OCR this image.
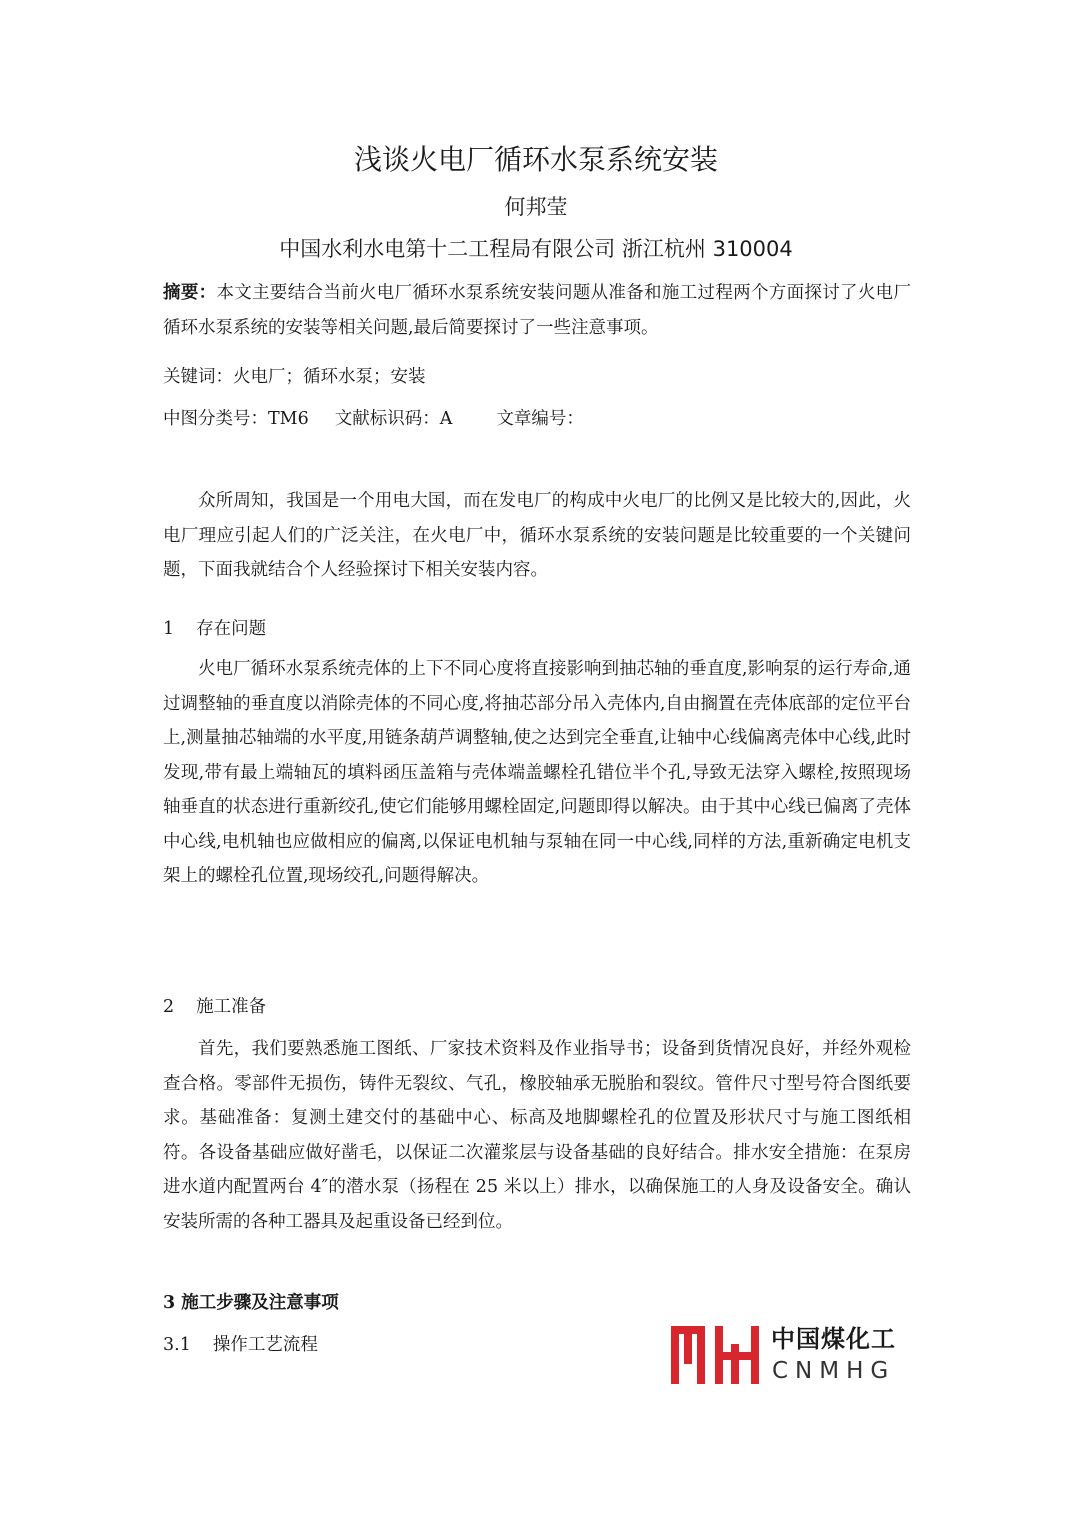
浅谈火电厂循环水泵系统安装
何邦莹
中国水利水电第十二工程局有限公司 浙江杭州 310004
摘要：本文主要结合当前火电厂循环水泵系统安装问题从准备和施工过程两个方面探讨了火电厂循环水泵系统的安装等相关问题,最后简要探讨了一些注意事项。
关键词：火电厂；循环水泵；安装
中图分类号：TM6 文献标识码：A	文章编号：
众所周知，我国是一个用电大国，而在发电厂的构成中火电厂的比例又是比较大的,因此，火电厂理应引起人们的广泛关注，在火电厂中，循环水泵系统的安装问题是比较重要的一个关键问题，下面我就结合个人经验探讨下相关安装内容。
1 存在问题
火电厂循环水泵系统壳体的上下不同心度将直接影响到抽芯轴的垂直度,影响泵的运行寿命,通过调整轴的垂直度以消除壳体的不同心度,将抽芯部分吊入壳体内,自由搁置在壳体底部的定位平台上,测量抽芯轴端的水平度,用链条葫芦调整轴,使之达到完全垂直,让轴中心线偏离壳体中心线,此时发现,带有最上端轴瓦的填料函压盖箱与壳体端盖螺栓孔错位半个孔,导致无法穿入螺栓,按照现场轴垂直的状态进行重新绞孔,使它们能够用螺栓固定,问题即得以解决。由于其中心线已偏离了壳体中心线,电机轴也应做相应的偏离,以保证电机轴与泵轴在同一中心线,同样的方法,重新确定电机支架上的螺栓孔位置,现场绞孔,问题得解决。
2 施工准备
首先，我们要熟悉施工图纸、厂家技术资料及作业指导书；设备到货情况良好，并经外观检查合格。零部件无损伤，铸件无裂纹、气孔，橡胶轴承无脱胎和裂纹。管件尺寸型号符合图纸要求。基础准备：复测土建交付的基础中心、标高及地脚螺栓孔的位置及形状尺寸与施工图纸相符。各设备基础应做好凿毛，以保证二次灌浆层与设备基础的良好结合。排水安全措施：在泵房进水道内配置两台 4″的潜水泵（扬程在 25 米以上）排水，以确保施工的人身及设备安全。确认安装所需的各种工器具及起重设备已经到位。
3 施工步骤及注意事项
3.1 操作工艺流程	中国煤化工
CNMHG
